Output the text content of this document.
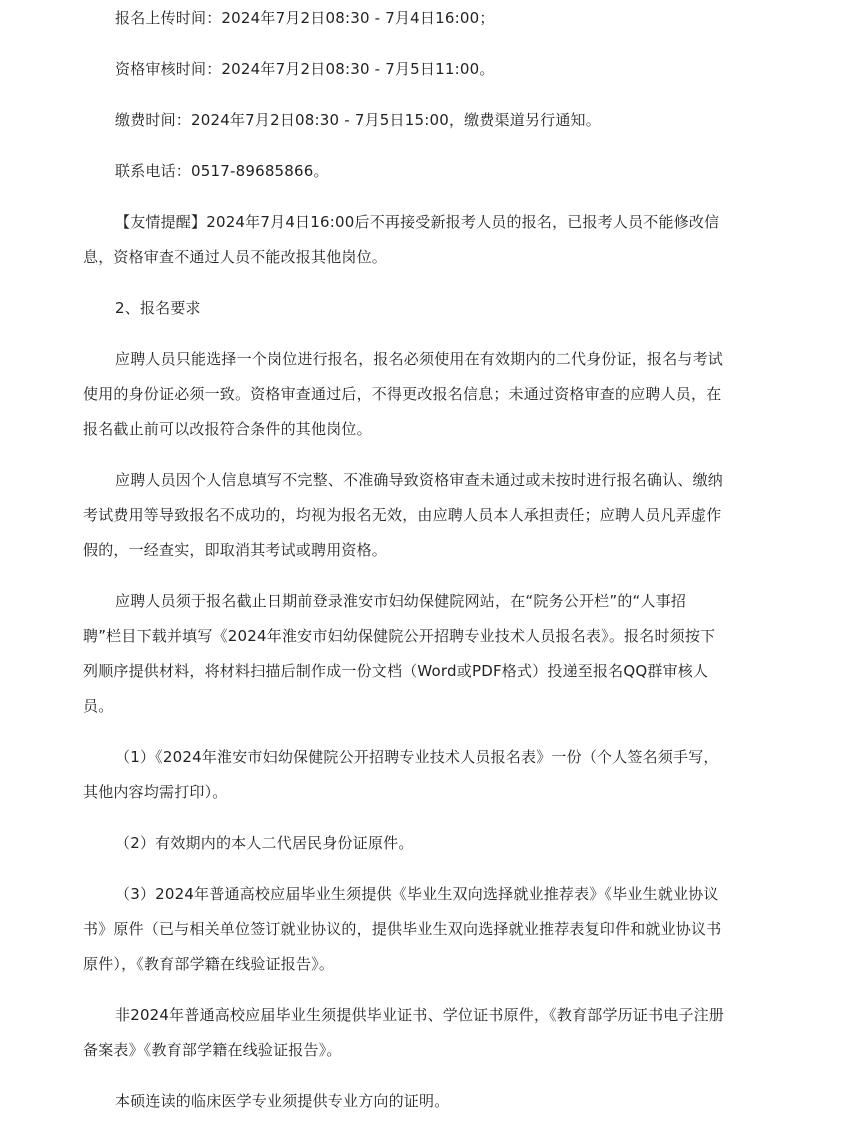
报名上传时间：2024年7月2日08:30 - 7月4日16:00；

资格审核时间：2024年7月2日08:30 - 7月5日11:00。

缴费时间：2024年7月2日08:30 - 7月5日15:00，缴费渠道另行通知。

联系电话：0517-89685866。

【友情提醒】2024年7月4日16:00后不再接受新报考人员的报名，已报考人员不能修改信
息，资格审查不通过人员不能改报其他岗位。

2、报名要求

应聘人员只能选择一个岗位进行报名，报名必须使用在有效期内的二代身份证，报名与考试
使用的身份证必须一致。资格审查通过后，不得更改报名信息；未通过资格审查的应聘人员，在
报名截止前可以改报符合条件的其他岗位。

应聘人员因个人信息填写不完整、不准确导致资格审查未通过或未按时进行报名确认、缴纳
考试费用等导致报名不成功的，均视为报名无效，由应聘人员本人承担责任；应聘人员凡弄虚作
假的，一经查实，即取消其考试或聘用资格。

应聘人员须于报名截止日期前登录淮安市妇幼保健院网站，在“院务公开栏”的“人事招
聘”栏目下载并填写《2024年淮安市妇幼保健院公开招聘专业技术人员报名表》。报名时须按下
列顺序提供材料，将材料扫描后制作成一份文档（Word或PDF格式）投递至报名QQ群审核人
员。

（1）《2024年淮安市妇幼保健院公开招聘专业技术人员报名表》一份（个人签名须手写，
其他内容均需打印）。

（2）有效期内的本人二代居民身份证原件。

（3）2024年普通高校应届毕业生须提供《毕业生双向选择就业推荐表》《毕业生就业协议
书》原件（已与相关单位签订就业协议的，提供毕业生双向选择就业推荐表复印件和就业协议书
原件），《教育部学籍在线验证报告》。

非2024年普通高校应届毕业生须提供毕业证书、学位证书原件，《教育部学历证书电子注册
备案表》《教育部学籍在线验证报告》。

本硕连读的临床医学专业须提供专业方向的证明。
